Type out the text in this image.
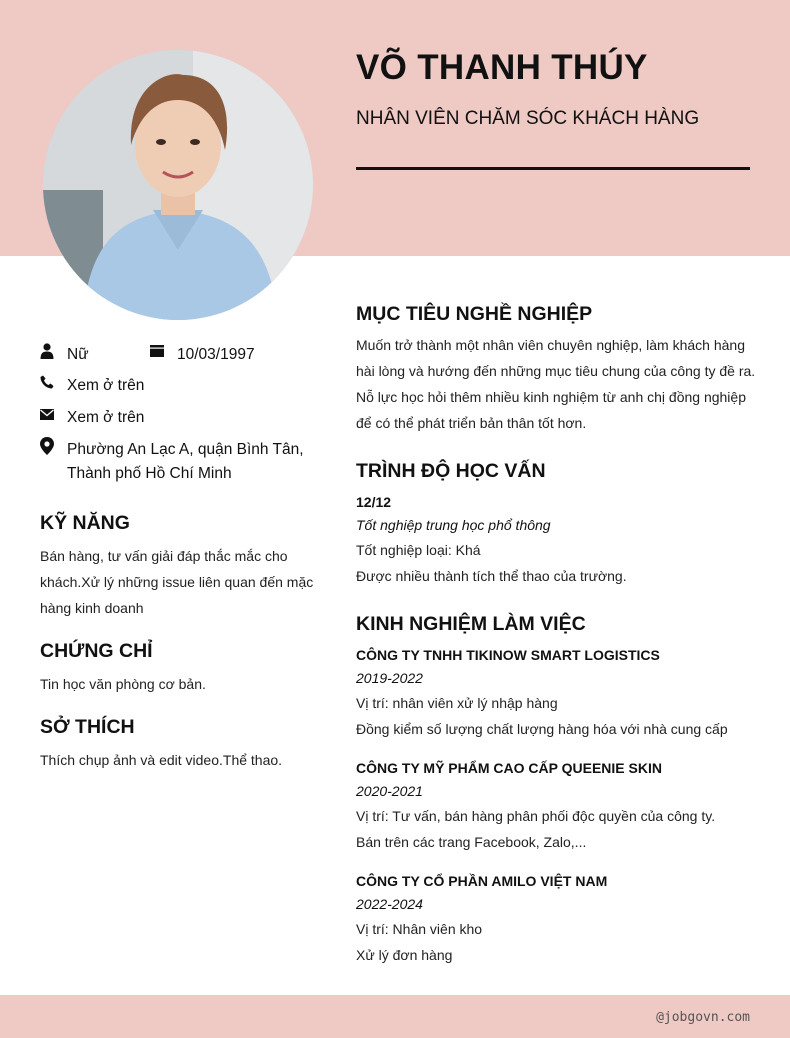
VÕ THANH THÚY
NHÂN VIÊN CHĂM SÓC KHÁCH HÀNG
Nữ	10/03/1997
Xem ở trên
Xem ở trên
Phường An Lạc A, quận Bình Tân,
Thành phố Hồ Chí Minh
KỸ NĂNG
Bán hàng, tư vấn giải đáp thắc mắc cho
khách.Xử lý những issue liên quan đến mặc
hàng kinh doanh
CHỨNG CHỈ
Tin học văn phòng cơ bản.
SỞ THÍCH
Thích chụp ảnh và edit video.Thể thao.
MỤC TIÊU NGHỀ NGHIỆP
Muốn trở thành một nhân viên chuyên nghiệp, làm khách hàng
hài lòng và hướng đến những mục tiêu chung của công ty đề ra.
Nỗ lực học hỏi thêm nhiều kinh nghiệm từ anh chị đồng nghiệp
để có thể phát triển bản thân tốt hơn.
TRÌNH ĐỘ HỌC VẤN
12/12
Tốt nghiệp trung học phổ thông
Tốt nghiệp loại: Khá
Được nhiều thành tích thể thao của trường.
KINH NGHIỆM LÀM VIỆC
CÔNG TY TNHH TIKINOW SMART LOGISTICS
2019-2022
Vị trí: nhân viên xử lý nhập hàng
Đồng kiểm số lượng chất lượng hàng hóa với nhà cung cấp
CÔNG TY MỸ PHẨM CAO CẤP QUEENIE SKIN
2020-2021
Vị trí: Tư vấn, bán hàng phân phối độc quyền của công ty.
Bán trên các trang Facebook, Zalo,...
CÔNG TY CỔ PHẦN AMILO VIỆT NAM
2022-2024
Vị trí: Nhân viên kho
Xử lý đơn hàng
@jobgovn.com
